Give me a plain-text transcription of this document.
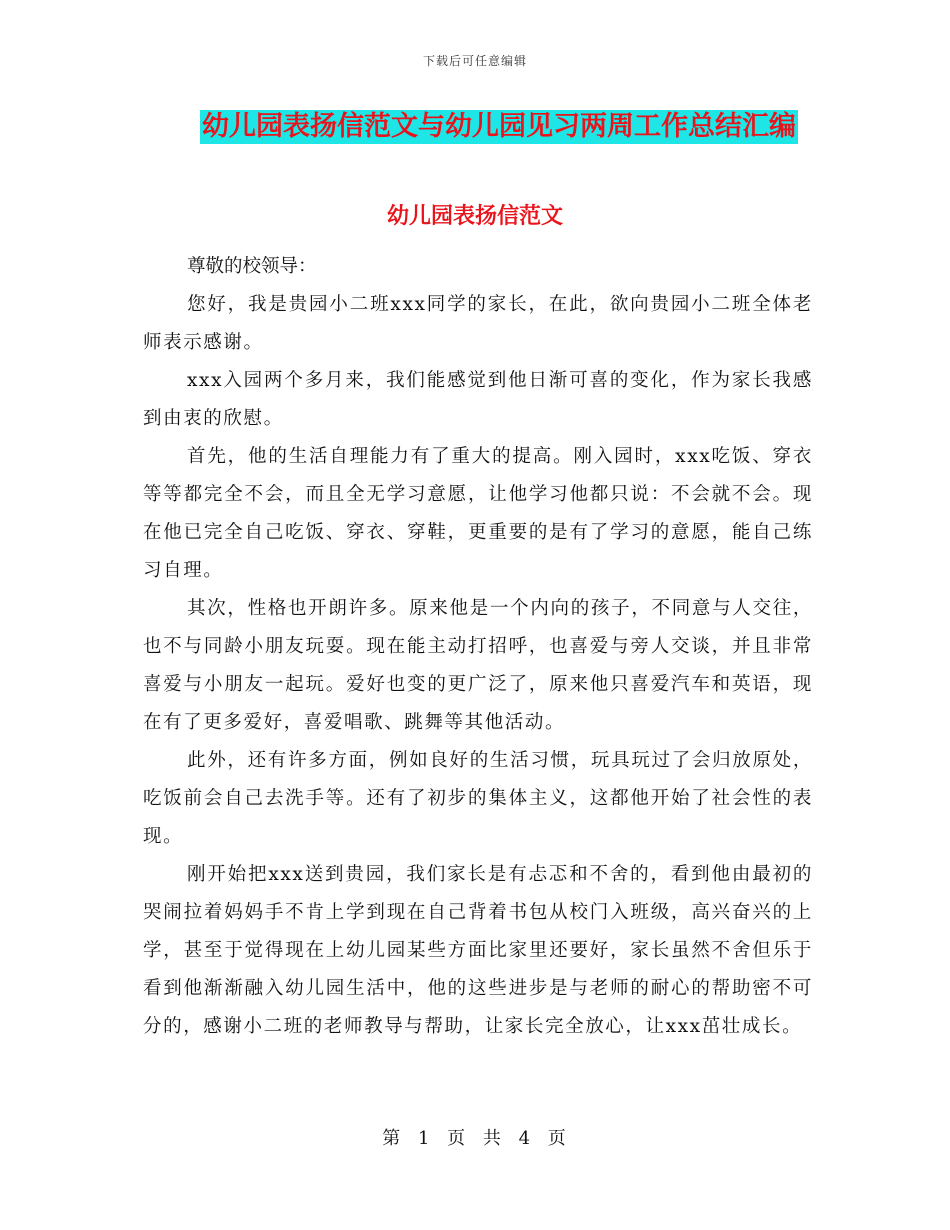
下载后可任意编辑
幼儿园表扬信范文与幼儿园见习两周工作总结汇编
幼儿园表扬信范文

尊敬的校领导：

您好，我是贵园小二班xxx同学的家长，在此，欲向贵园小二班全体老师表示感谢。

xxx入园两个多月来，我们能感觉到他日渐可喜的变化，作为家长我感到由衷的欣慰。

首先，他的生活自理能力有了重大的提高。刚入园时，xxx吃饭、穿衣等等都完全不会，而且全无学习意愿，让他学习他都只说：不会就不会。现在他已完全自己吃饭、穿衣、穿鞋，更重要的是有了学习的意愿，能自己练习自理。

其次，性格也开朗许多。原来他是一个内向的孩子，不同意与人交往，也不与同龄小朋友玩耍。现在能主动打招呼，也喜爱与旁人交谈，并且非常喜爱与小朋友一起玩。爱好也变的更广泛了，原来他只喜爱汽车和英语，现在有了更多爱好，喜爱唱歌、跳舞等其他活动。

此外，还有许多方面，例如良好的生活习惯，玩具玩过了会归放原处，吃饭前会自己去洗手等。还有了初步的集体主义，这都他开始了社会性的表现。

刚开始把xxx送到贵园，我们家长是有忐忑和不舍的，看到他由最初的哭闹拉着妈妈手不肯上学到现在自己背着书包从校门入班级，高兴奋兴的上学，甚至于觉得现在上幼儿园某些方面比家里还要好，家长虽然不舍但乐于看到他渐渐融入幼儿园生活中，他的这些进步是与老师的耐心的帮助密不可分的，感谢小二班的老师教导与帮助，让家长完全放心，让xxx茁壮成长。

第 1 页 共 4 页
